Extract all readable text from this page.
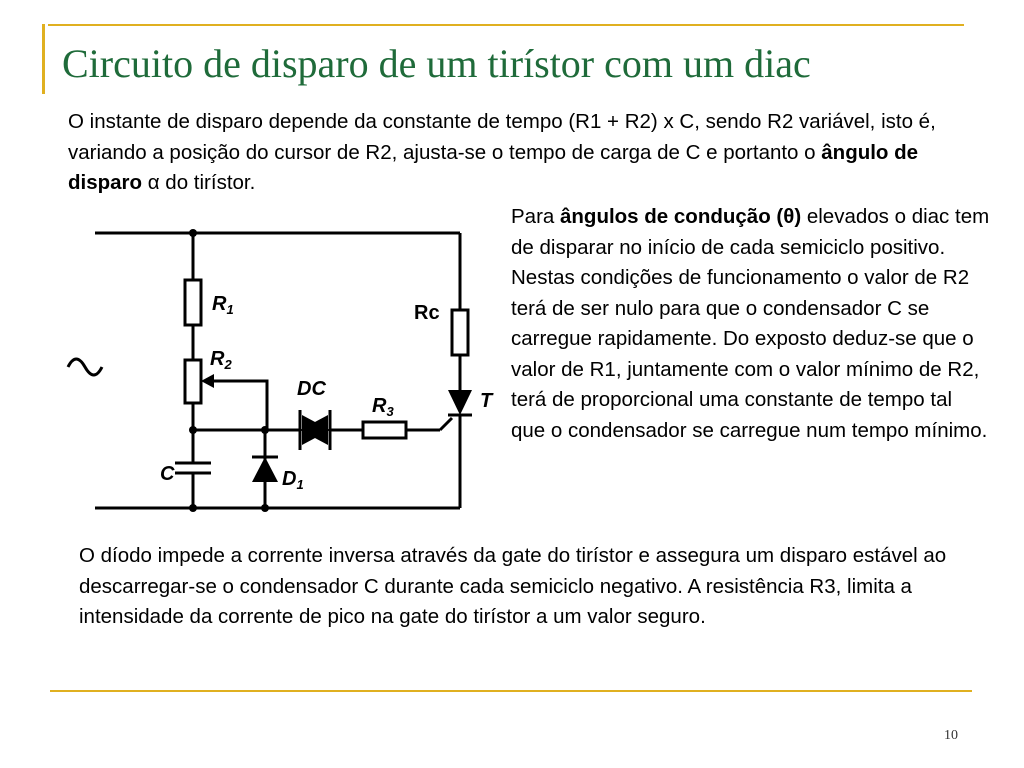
Circuito de disparo de um tirístor com um diac

O instante de disparo depende da constante de tempo (R1 + R2) x C, sendo R2 variável, isto é, variando a posição do cursor de R2, ajusta-se o tempo de carga de C e portanto o ângulo de disparo α do tirístor.

Para ângulos de condução (θ) elevados o diac tem de disparar no início de cada semiciclo positivo. Nestas condições de funcionamento o valor de R2 terá de ser nulo para que o condensador C se carregue rapidamente. Do exposto deduz-se que o valor de R1, juntamente com o valor mínimo de R2, terá de proporcional uma constante de tempo tal que o condensador se carregue num tempo mínimo.

$R_1$
$R_2$
C
DC
$R_3$
$D_1$
T
Rc

O díodo impede a corrente inversa através da gate do tirístor e assegura um disparo estável ao descarregar-se o condensador C durante cada semiciclo negativo. A resistência R3, limita a intensidade da corrente de pico na gate do tirístor a um valor seguro.

10
